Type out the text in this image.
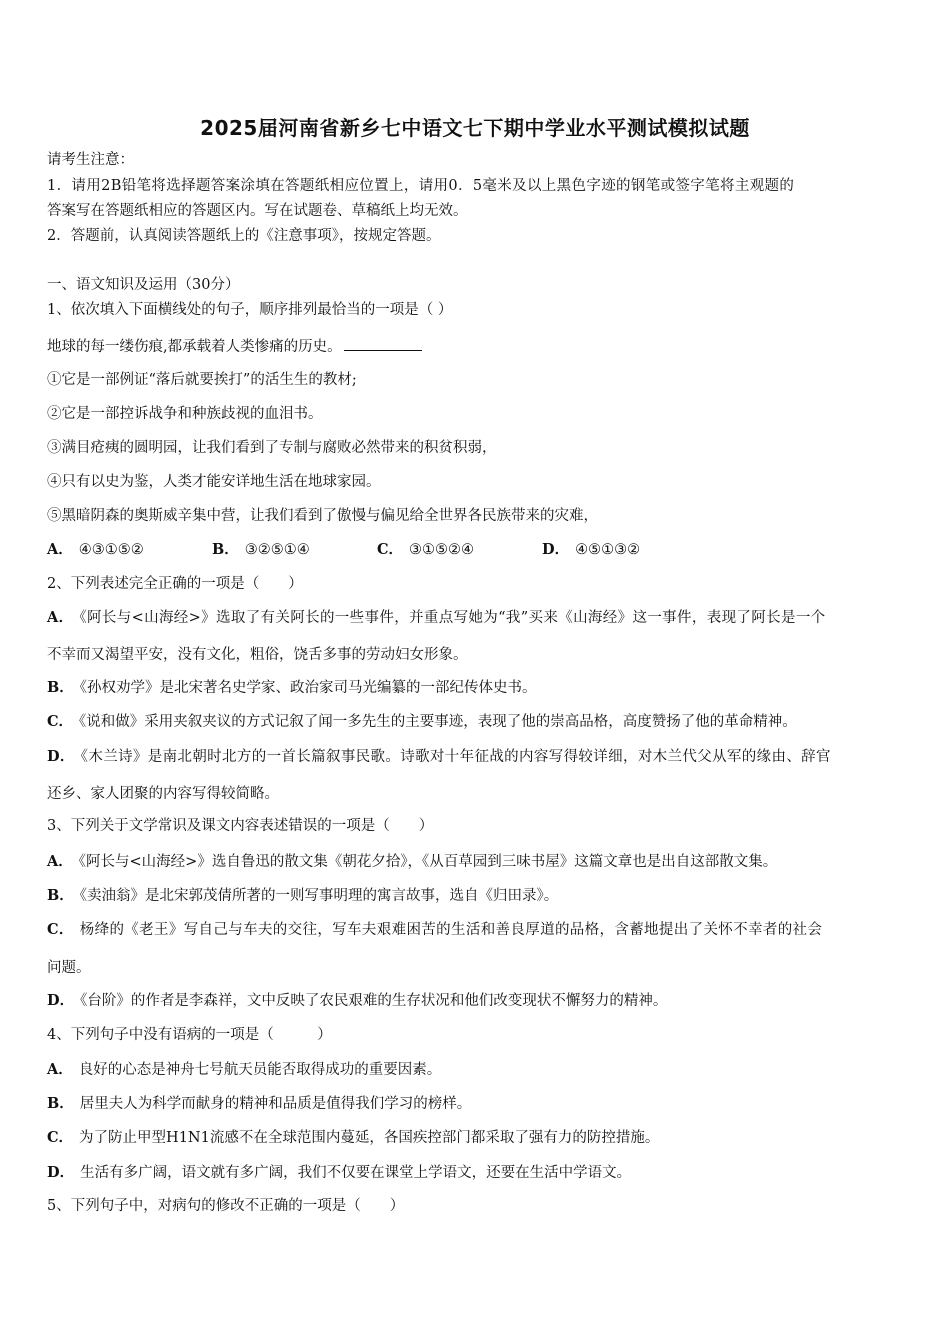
2025届河南省新乡七中语文七下期中学业水平测试模拟试题
请考生注意：
1．请用2B铅笔将选择题答案涂填在答题纸相应位置上，请用0．5毫米及以上黑色字迹的钢笔或签字笔将主观题的
答案写在答题纸相应的答题区内。写在试题卷、草稿纸上均无效。
2．答题前，认真阅读答题纸上的《注意事项》，按规定答题。
一、语文知识及运用（30分）
1、依次填入下面横线处的句子，顺序排列最恰当的一项是（ ）
地球的每一缕伤痕,都承载着人类惨痛的历史。
①它是一部例证“落后就要挨打”的活生生的教材;
②它是一部控诉战争和种族歧视的血泪书。
③满目疮痍的圆明园，让我们看到了专制与腐败必然带来的积贫积弱，
④只有以史为鉴，人类才能安详地生活在地球家园。
⑤黑暗阴森的奥斯威辛集中营，让我们看到了傲慢与偏见给全世界各民族带来的灾难，
A． ④③①⑤②	B． ③②⑤①④	C． ③①⑤②④	D． ④⑤①③②
2、下列表述完全正确的一项是（　　）
A． 《阿长与<山海经>》选取了有关阿长的一些事件，并重点写她为“我”买来《山海经》这一事件，表现了阿长是一个
不幸而又渴望平安，没有文化，粗俗，饶舌多事的劳动妇女形象。
B． 《孙权劝学》是北宋著名史学家、政治家司马光编纂的一部纪传体史书。
C． 《说和做》采用夹叙夹议的方式记叙了闻一多先生的主要事迹，表现了他的崇高品格，高度赞扬了他的革命精神。
D． 《木兰诗》是南北朝时北方的一首长篇叙事民歌。诗歌对十年征战的内容写得较详细，对木兰代父从军的缘由、辞官
还乡、家人团聚的内容写得较简略。
3、下列关于文学常识及课文内容表述错误的一项是（　　）
A． 《阿长与<山海经>》选自鲁迅的散文集《朝花夕拾》，《从百草园到三味书屋》这篇文章也是出自这部散文集。
B． 《卖油翁》是北宋郭茂倩所著的一则写事明理的寓言故事，选自《归田录》。
C． 杨绛的《老王》写自己与车夫的交往，写车夫艰难困苦的生活和善良厚道的品格，含蓄地提出了关怀不幸者的社会
问题。
D． 《台阶》的作者是李森祥，文中反映了农民艰难的生存状况和他们改变现状不懈努力的精神。
4、下列句子中没有语病的一项是（　　　）
A． 良好的心态是神舟七号航天员能否取得成功的重要因素。
B． 居里夫人为科学而献身的精神和品质是值得我们学习的榜样。
C． 为了防止甲型H1N1流感不在全球范围内蔓延，各国疾控部门都采取了强有力的防控措施。
D． 生活有多广阔，语文就有多广阔，我们不仅要在课堂上学语文，还要在生活中学语文。
5、下列句子中，对病句的修改不正确的一项是（　　）
